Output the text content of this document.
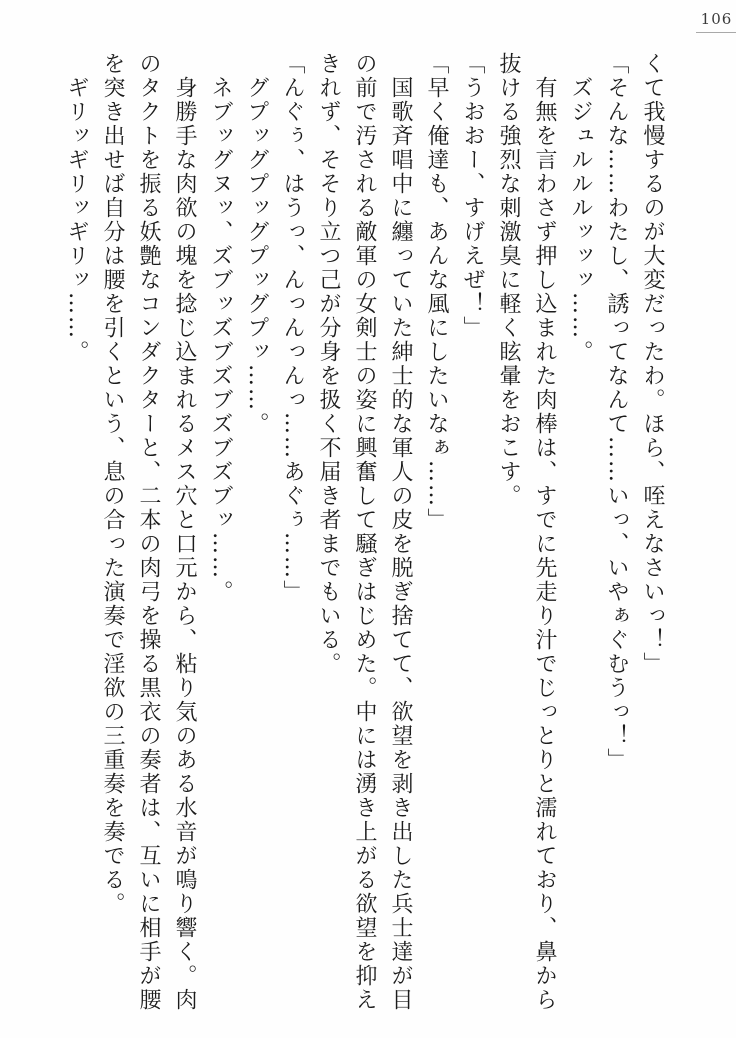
106

くて我慢するのが大変だったわ。ほら、咥えなさいっ！」

「そんな……わたし、誘ってなんて……いっ、いやぁぐむうっ！」

ズジュルルルッッッ……。

有無を言わさず押し込まれた肉棒は、すでに先走り汁でじっとりと濡れており、鼻から

抜ける強烈な刺激臭に軽く眩暈をおこす。

「うおおー、すげえぜ！」

「早く俺達も、あんな風にしたいなぁ……」

国歌斉唱中に纏っていた紳士的な軍人の皮を脱ぎ捨てて、欲望を剥き出した兵士達が目

の前で汚される敵軍の女剣士の姿に興奮して騒ぎはじめた。中には湧き上がる欲望を抑え

きれず、そそり立つ己が分身を扱く不届き者までもいる。

「んぐぅ、はうっ、んっんっんっ……あぐぅ……」

グプッグプッグプッグプッ……。

ネブッグヌッ、ズブッズブズブズブズブッ……。

身勝手な肉欲の塊を捻じ込まれるメス穴と口元から、粘り気のある水音が鳴り響く。肉

のタクトを振る妖艶なコンダクターと、二本の肉弓を操る黒衣の奏者は、互いに相手が腰

を突き出せば自分は腰を引くという、息の合った演奏で淫欲の三重奏を奏でる。

ギリッギリッギリッ……。
